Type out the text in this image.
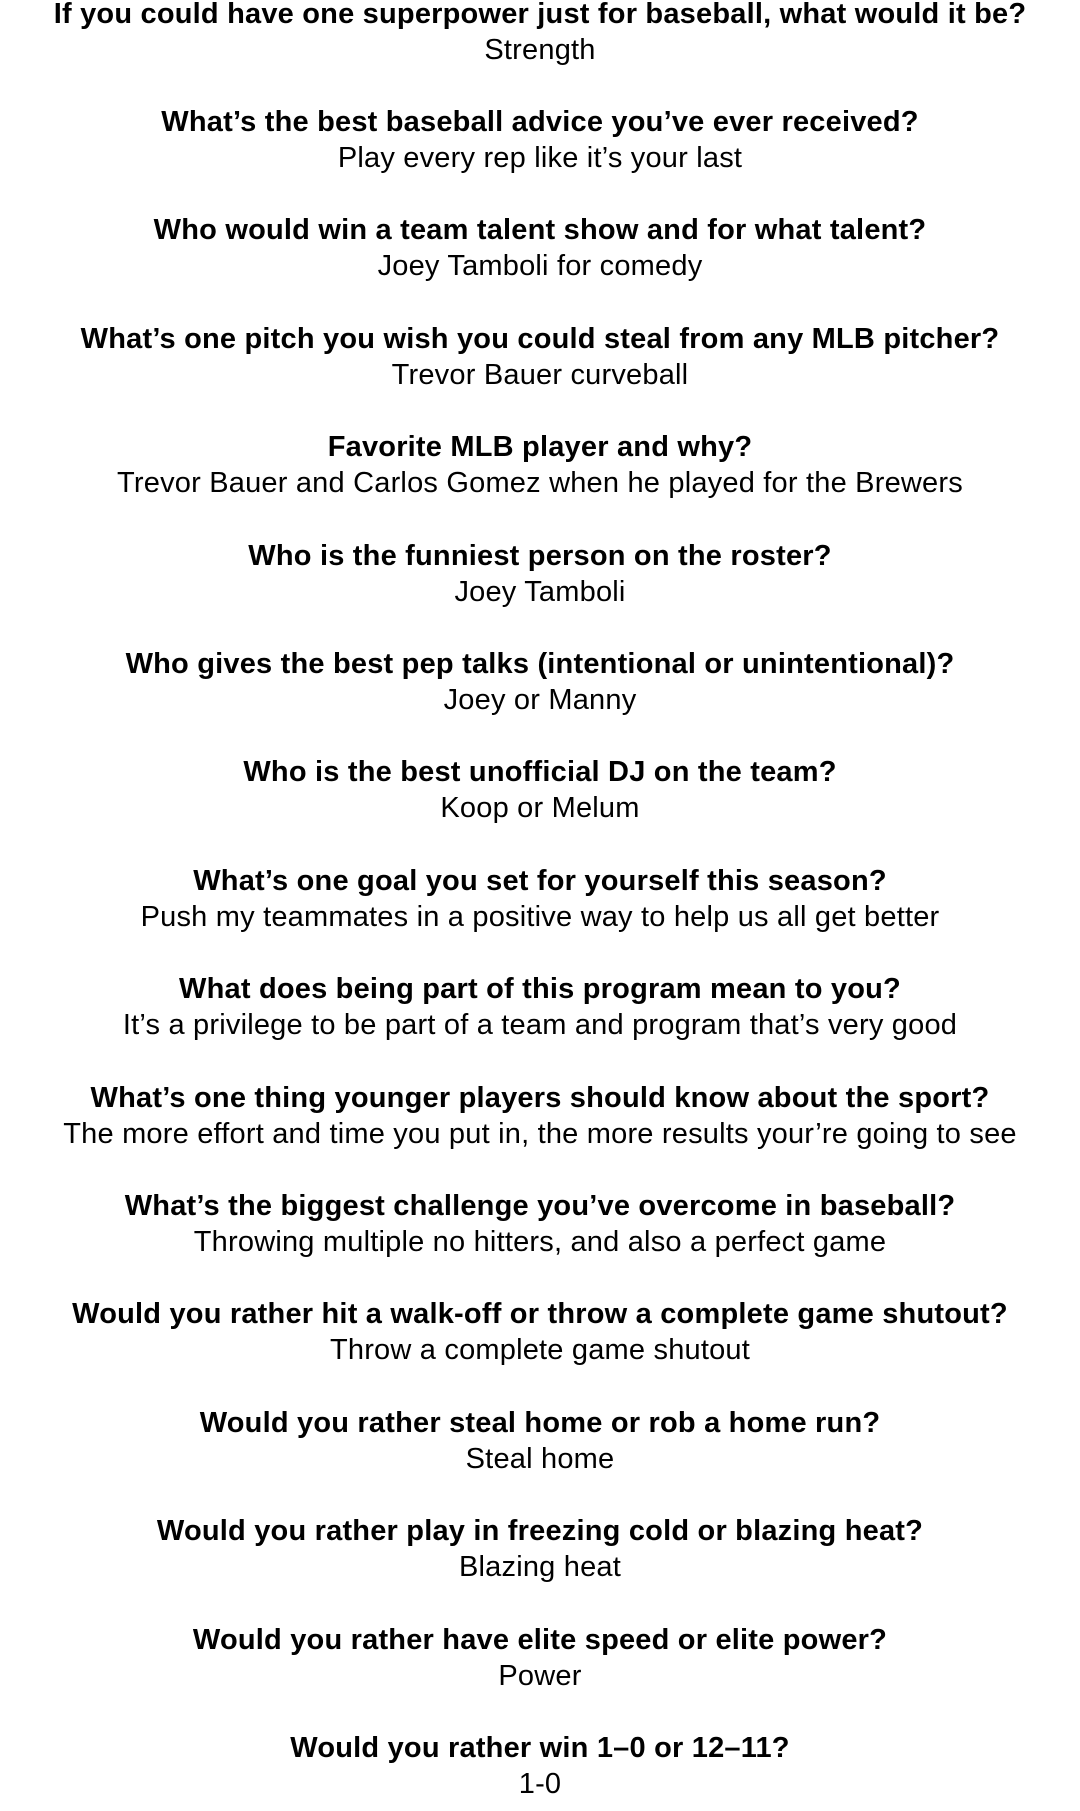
If you could have one superpower just for baseball, what would it be?
Strength
What’s the best baseball advice you’ve ever received?
Play every rep like it’s your last
Who would win a team talent show and for what talent?
Joey Tamboli for comedy
What’s one pitch you wish you could steal from any MLB pitcher?
Trevor Bauer curveball
Favorite MLB player and why?
Trevor Bauer and Carlos Gomez when he played for the Brewers
Who is the funniest person on the roster?
Joey Tamboli
Who gives the best pep talks (intentional or unintentional)?
Joey or Manny
Who is the best unofficial DJ on the team?
Koop or Melum
What’s one goal you set for yourself this season?
Push my teammates in a positive way to help us all get better
What does being part of this program mean to you?
It’s a privilege to be part of a team and program that’s very good
What’s one thing younger players should know about the sport?
The more effort and time you put in, the more results your’re going to see
What’s the biggest challenge you’ve overcome in baseball?
Throwing multiple no hitters, and also a perfect game
Would you rather hit a walk-off or throw a complete game shutout?
Throw a complete game shutout
Would you rather steal home or rob a home run?
Steal home
Would you rather play in freezing cold or blazing heat?
Blazing heat
Would you rather have elite speed or elite power?
Power
Would you rather win 1–0 or 12–11?
1-0
